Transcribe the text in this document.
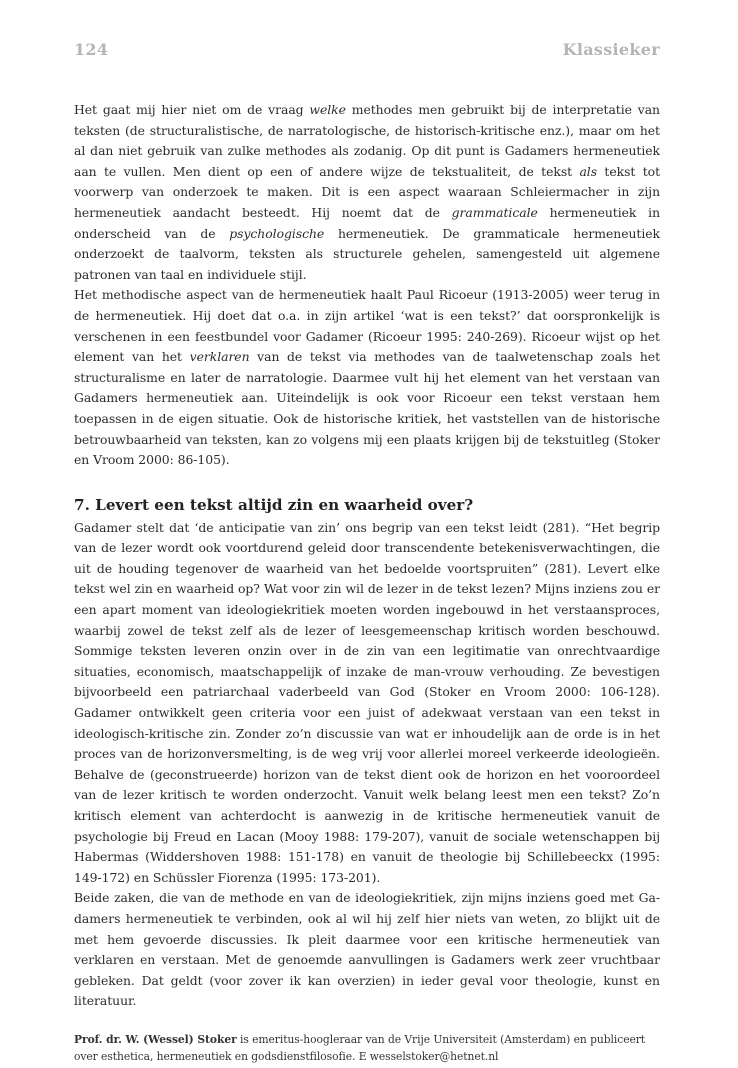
124	Klassieker

Het gaat mij hier niet om de vraag welke methodes men gebruikt bij de interpretatie van teksten (de structuralistische, de narratologische, de historisch-kritische enz.), maar om het al dan niet gebruik van zulke methodes als zodanig. Op dit punt is Gadamers hermeneutiek aan te vullen. Men dient op een of andere wijze de tekstualiteit, de tekst als tekst tot voorwerp van onderzoek te maken. Dit is een aspect waaraan Schleiermacher in zijn hermeneutiek aandacht besteedt. Hij noemt dat de grammaticale hermeneutiek in onderscheid van de psychologische hermeneutiek. De grammaticale hermeneutiek onderzoekt de taalvorm, teksten als structurele gehelen, samengesteld uit algemene patronen van taal en individuele stijl.

Het methodische aspect van de hermeneutiek haalt Paul Ricoeur (1913-2005) weer terug in de hermeneutiek. Hij doet dat o.a. in zijn artikel ‘wat is een tekst?’ dat oorspronkelijk is verschenen in een feestbundel voor Gadamer (Ricoeur 1995: 240-269). Ricoeur wijst op het element van het verklaren van de tekst via methodes van de taalwetenschap zoals het structuralisme en later de narratologie. Daarmee vult hij het element van het verstaan van Gadamers hermeneutiek aan. Uiteindelijk is ook voor Ricoeur een tekst verstaan hem toepassen in de eigen situatie. Ook de historische kritiek, het vaststellen van de historische betrouwbaarheid van teksten, kan zo volgens mij een plaats krijgen bij de tekstuitleg (Stoker en Vroom 2000: 86-105).

7. Levert een tekst altijd zin en waarheid over?

Gadamer stelt dat ‘de anticipatie van zin’ ons begrip van een tekst leidt (281). “Het begrip van de lezer wordt ook voortdurend geleid door transcendente betekenisverwachtingen, die uit de houding tegenover de waarheid van het bedoelde voortspruiten” (281). Levert elke tekst wel zin en waarheid op? Wat voor zin wil de lezer in de tekst lezen? Mijns inziens zou er een apart moment van ideologiekritiek moeten worden ingebouwd in het verstaansproces, waarbij zowel de tekst zelf als de lezer of leesgemeenschap kritisch worden beschouwd. Sommige teksten leveren onzin over in de zin van een legitimatie van onrechtvaardige situaties, economisch, maatschappelijk of inzake de man-vrouw verhouding. Ze bevestigen bijvoorbeeld een patriarchaal vaderbeeld van God (Stoker en Vroom 2000: 106-128). Gadamer ontwikkelt geen criteria voor een juist of adekwaat verstaan van een tekst in ideologisch-kritische zin. Zonder zo’n discussie van wat er inhoudelijk aan de orde is in het proces van de horizonversmelting, is de weg vrij voor allerlei moreel verkeerde ideologieën. Behalve de (geconstrueerde) horizon van de tekst dient ook de horizon en het vooroordeel van de lezer kritisch te worden onderzocht. Vanuit welk belang leest men een tekst? Zo’n kritisch element van achterdocht is aanwezig in de kritische hermeneutiek vanuit de psychologie bij Freud en Lacan (Mooy 1988: 179-207), vanuit de sociale wetenschappen bij Habermas (Widdershoven 1988: 151-178) en vanuit de theologie bij Schillebeeckx (1995: 149-172) en Schüssler Fiorenza (1995: 173-201).

Beide zaken, die van de methode en van de ideologiekritiek, zijn mijns inziens goed met Gadamers hermeneutiek te verbinden, ook al wil hij zelf hier niets van weten, zo blijkt uit de met hem gevoerde discussies. Ik pleit daarmee voor een kritische hermeneutiek van verklaren en verstaan. Met de genoemde aanvullingen is Gadamers werk zeer vruchtbaar gebleken. Dat geldt (voor zover ik kan overzien) in ieder geval voor theologie, kunst en literatuur.

Prof. dr. W. (Wessel) Stoker is emeritus-hoogleraar van de Vrije Universiteit (Amsterdam) en publiceert over esthetica, hermeneutiek en godsdienstfilosofie. E wesselstoker@hetnet.nl
